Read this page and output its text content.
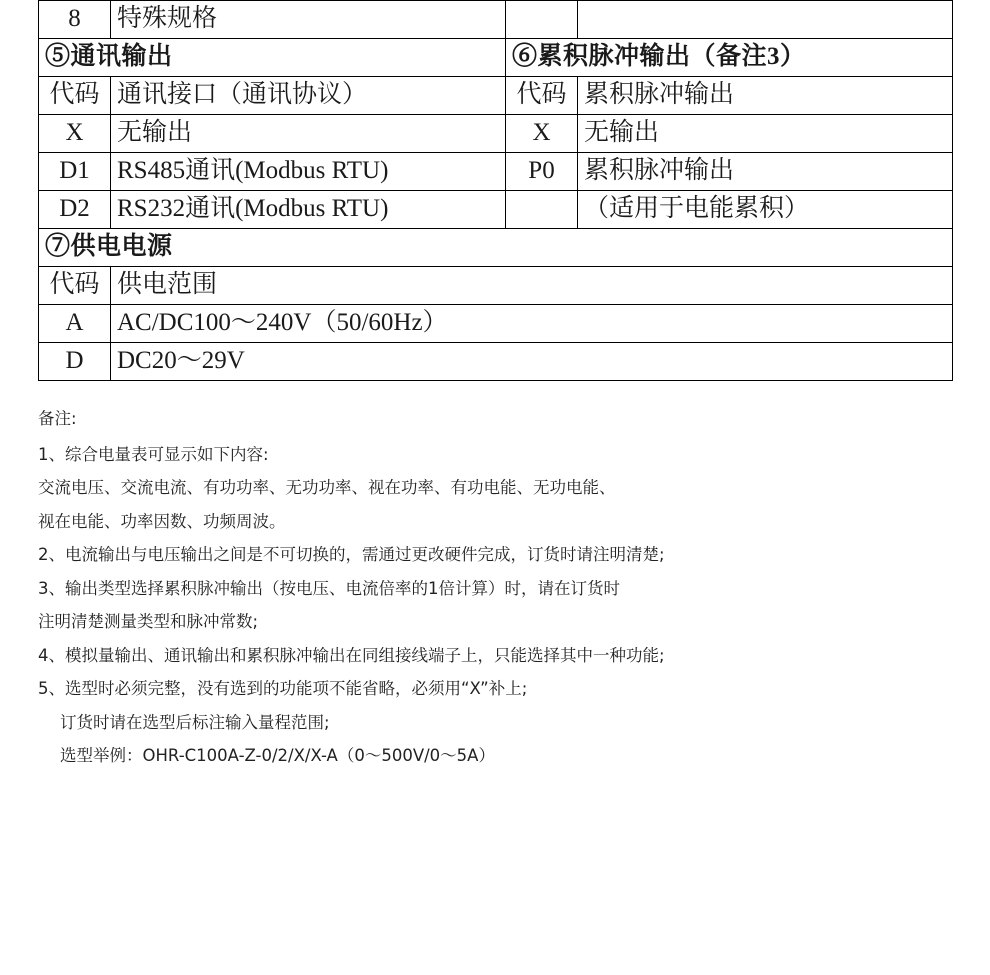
8	特殊规格		
⑤通讯输出		⑥累积脉冲输出（备注3）	
代码	通讯接口（通讯协议）	代码	累积脉冲输出
X	无输出	X	无输出
D1	RS485通讯(Modbus RTU)	P0	累积脉冲输出
D2	RS232通讯(Modbus RTU)		（适用于电能累积）
⑦供电电源			
代码	供电范围		
A	AC/DC100～240V（50/60Hz）		
D	DC20～29V		
备注:
1、综合电量表可显示如下内容:
交流电压、交流电流、有功功率、无功功率、视在功率、有功电能、无功电能、
视在电能、功率因数、功频周波。
2、电流输出与电压输出之间是不可切换的，需通过更改硬件完成，订货时请注明清楚;
3、输出类型选择累积脉冲输出（按电压、电流倍率的1倍计算）时，请在订货时
注明清楚测量类型和脉冲常数;
4、模拟量输出、通讯输出和累积脉冲输出在同组接线端子上，只能选择其中一种功能;
5、选型时必须完整，没有选到的功能项不能省略，必须用“X”补上;
订货时请在选型后标注输入量程范围;
选型举例：OHR-C100A-Z-0/2/X/X-A（0～500V/0～5A）
